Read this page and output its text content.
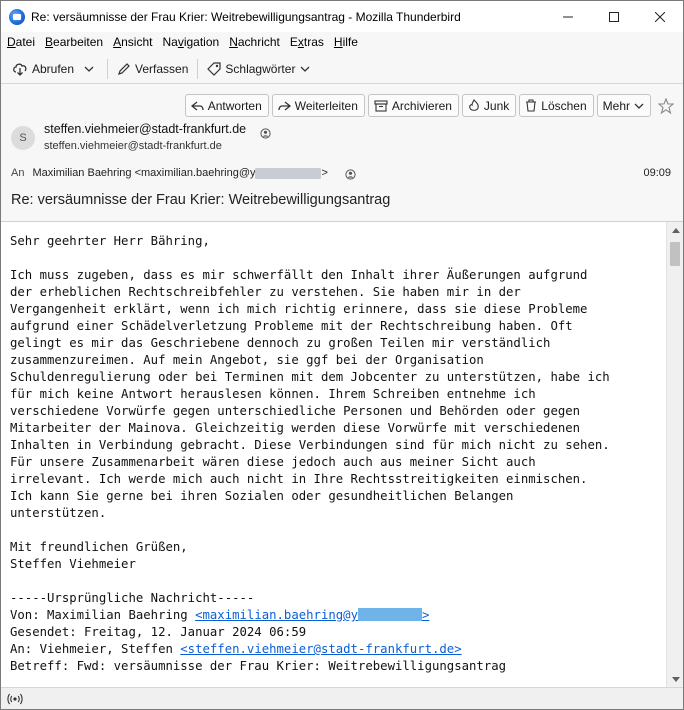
Re: versäumnisse der Frau Krier: Weitrebewilligungsantrag - Mozilla Thunderbird
Datei Bearbeiten Ansicht Navigation Nachricht Extras Hilfe
Abrufen	Verfassen	Schlagwörter
Antworten	Weiterleiten	Archivieren	Junk	Löschen Mehr
S
steffen.viehmeier@stadt-frankfurt.de
steffen.viehmeier@stadt-frankfurt.de
An Maximilian Baehring <maximilian.baehring@y	>	09:09
Re: versäumnisse der Frau Krier: Weitrebewilligungsantrag
Sehr geehrter Herr Bähring,

Ich muss zugeben, dass es mir schwerfällt den Inhalt ihrer Äußerungen aufgrund
der erheblichen Rechtschreibfehler zu verstehen. Sie haben mir in der
Vergangenheit erklärt, wenn ich mich richtig erinnere, dass sie diese Probleme
aufgrund einer Schädelverletzung Probleme mit der Rechtschreibung haben. Oft
gelingt es mir das Geschriebene dennoch zu großen Teilen mir verständlich
zusammenzureimen. Auf mein Angebot, sie ggf bei der Organisation
Schuldenregulierung oder bei Terminen mit dem Jobcenter zu unterstützen, habe ich
für mich keine Antwort herauslesen können. Ihrem Schreiben entnehme ich
verschiedene Vorwürfe gegen unterschiedliche Personen und Behörden oder gegen
Mitarbeiter der Mainova. Gleichzeitig werden diese Vorwürfe mit verschiedenen
Inhalten in Verbindung gebracht. Diese Verbindungen sind für mich nicht zu sehen.
Für unsere Zusammenarbeit wären diese jedoch auch aus meiner Sicht auch
irrelevant. Ich werde mich auch nicht in Ihre Rechtsstreitigkeiten einmischen.
Ich kann Sie gerne bei ihren Sozialen oder gesundheitlichen Belangen
unterstützen.

Mit freundlichen Grüßen,
Steffen Viehmeier

-----Ursprüngliche Nachricht-----
Von: Maximilian Baehring <maximilian.baehring@y	>
Gesendet: Freitag, 12. Januar 2024 06:59
An: Viehmeier, Steffen <steffen.viehmeier@stadt-frankfurt.de>
Betreff: Fwd: versäumnisse der Frau Krier: Weitrebewilligungsantrag
